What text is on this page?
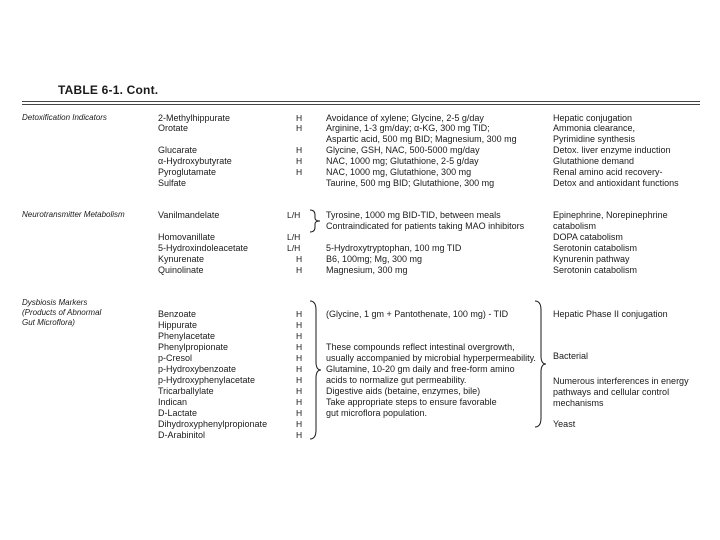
TABLE 6-1. Cont.
Detoxification Indicators	2-Methylhippurate
Orotate
Glucarate
α-Hydroxybutyrate
Pyroglutamate
Sulfate
H
H
H
H
H
Avoidance of xylene; Glycine, 2-5 g/day
Arginine, 1-3 gm/day; α-KG, 300 mg TID;
Aspartic acid, 500 mg BID; Magnesium, 300 mg
Glycine, GSH, NAC, 500-5000 mg/day
NAC, 1000 mg; Glutathione, 2-5 g/day
NAC, 1000 mg, Glutathione, 300 mg
Taurine, 500 mg BID; Glutathione, 300 mg
Hepatic conjugation
Ammonia clearance,
Pyrimidine synthesis
Detox. liver enzyme induction
Glutathione demand
Renal amino acid recovery-
Detox and antioxidant functions
Neurotransmitter Metabolism	Vanilmandelate
Homovanillate
5-Hydroxindoleacetate
Kynurenate
Quinolinate
L/H
L/H
L/H
H
H
Tyrosine, 1000 mg BID-TID, between meals
Contraindicated for patients taking MAO inhibitors
5-Hydroxytryptophan, 100 mg TID
B6, 100mg; Mg, 300 mg
Magnesium, 300 mg
Epinephrine, Norepinephrine
catabolism
DOPA catabolism
Serotonin catabolism
Kynurenin pathway
Serotonin catabolism
Dysbiosis Markers
(Products of Abnormal
Gut Microflora)
Benzoate
Hippurate
Phenylacetate
Phenylpropionate
p-Cresol
p-Hydroxybenzoate
p-Hydroxyphenylacetate
Tricarballylate
Indican
D-Lactate
Dihydroxyphenylpropionate
D-Arabinitol
H
H
H
H
H
H
H
H
H
H
H
H
(Glycine, 1 gm + Pantothenate, 100 mg) - TID
These compounds reflect intestinal overgrowth,
usually accompanied by microbial hyperpermeability.
Glutamine, 10-20 gm daily and free-form amino
acids to normalize gut permeability.
Digestive aids (betaine, enzymes, bile)
Take appropriate steps to ensure favorable
gut microflora population.
Hepatic Phase II conjugation
Bacterial
Numerous interferences in energy
pathways and cellular control
mechanisms
Yeast
